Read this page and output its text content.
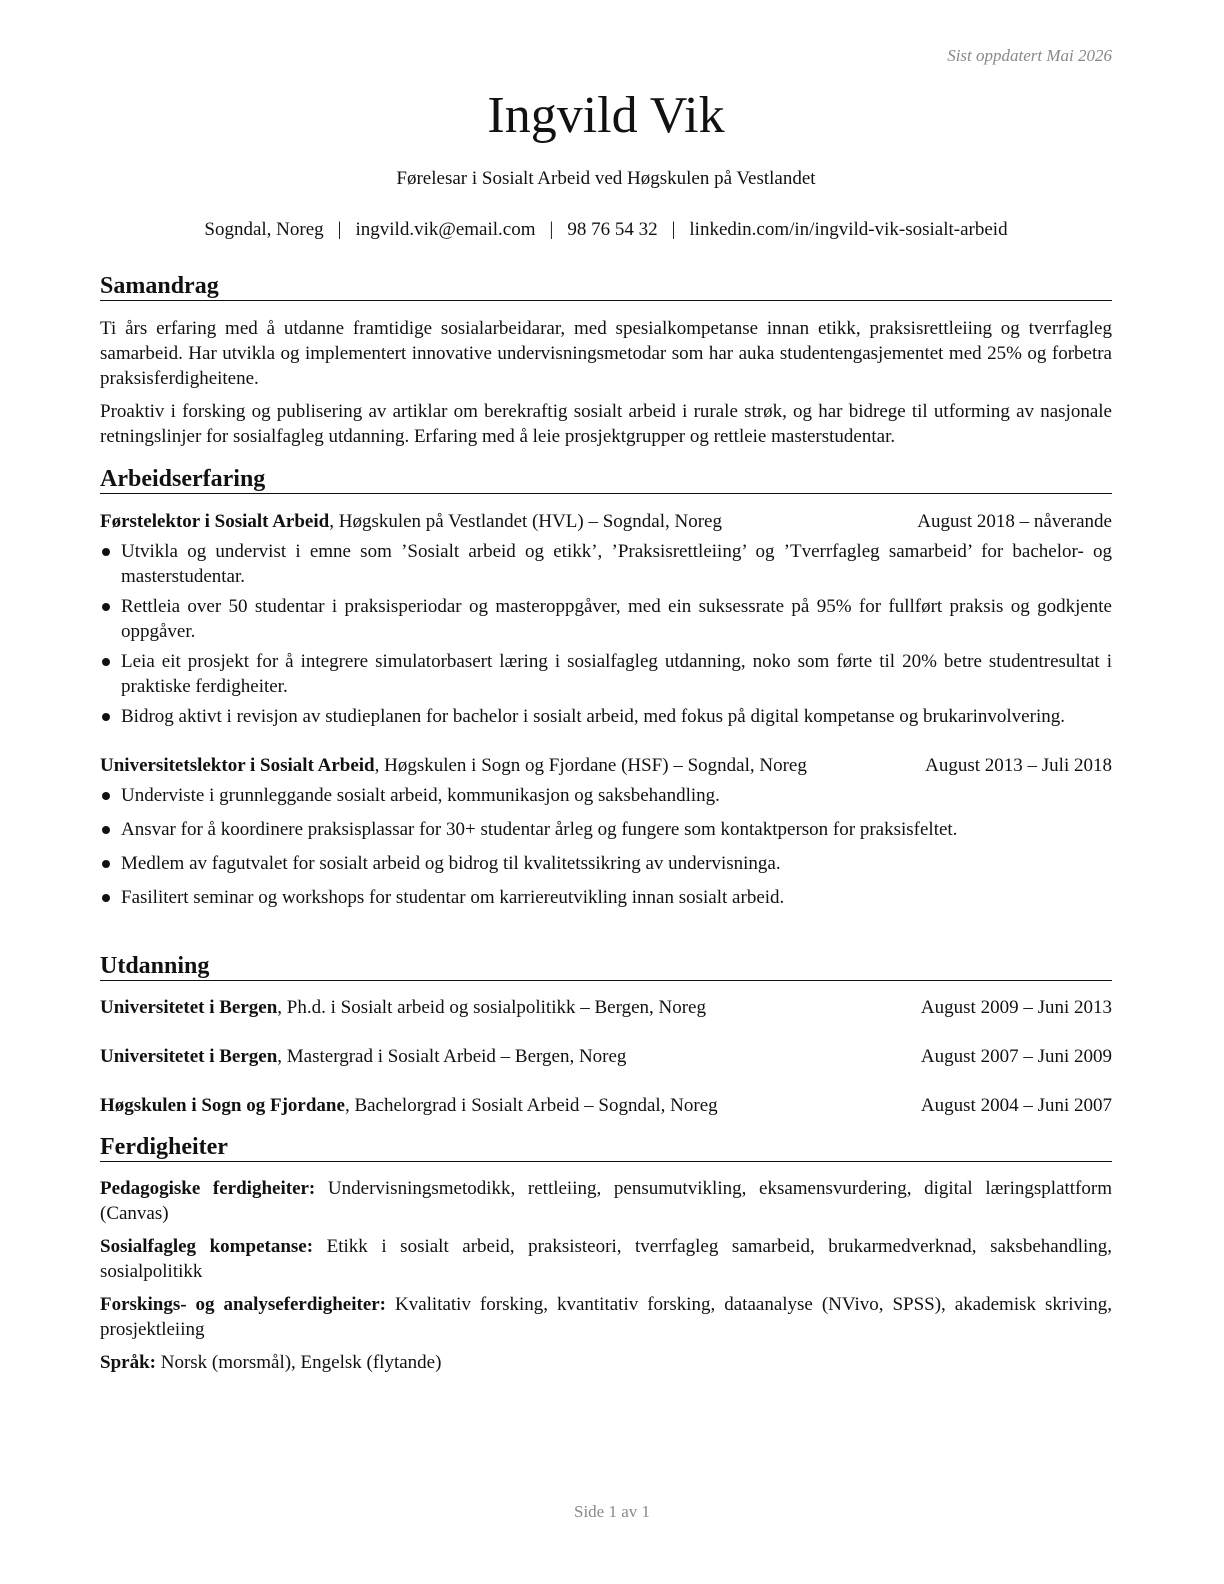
Sist oppdatert Mai 2026
Ingvild Vik
Førelesar i Sosialt Arbeid ved Høgskulen på Vestlandet
Sogndal, Noreg | ingvild.vik@email.com | 98 76 54 32 | linkedin.com/in/ingvild-vik-sosialt-arbeid
Samandrag

Ti års erfaring med å utdanne framtidige sosialarbeidarar, med spesialkompetanse innan etikk, praksisrettleiing og tverrfagleg samarbeid. Har utvikla og implementert innovative undervisningsmetodar som har auka studentengasjementet med 25% og forbetra praksisferdigheitene.

Proaktiv i forsking og publisering av artiklar om berekraftig sosialt arbeid i rurale strøk, og har bidrege til utforming av nasjonale retningslinjer for sosialfagleg utdanning. Erfaring med å leie prosjektgrupper og rettleie masterstudentar.

Arbeidserfaring
Førstelektor i Sosialt Arbeid, Høgskulen på Vestlandet (HVL) – Sogndal, Noreg	August 2018 – nåverande
Utvikla og undervist i emne som ’Sosialt arbeid og etikk’, ’Praksisrettleiing’ og ’Tverrfagleg samarbeid’ for bachelor- og masterstudentar.
Rettleia over 50 studentar i praksisperiodar og masteroppgåver, med ein suksessrate på 95% for fullført praksis og godkjente oppgåver.
Leia eit prosjekt for å integrere simulatorbasert læring i sosialfagleg utdanning, noko som førte til 20% betre studentresultat i praktiske ferdigheiter.
Bidrog aktivt i revisjon av studieplanen for bachelor i sosialt arbeid, med fokus på digital kompetanse og brukarinvolvering.
Universitetslektor i Sosialt Arbeid, Høgskulen i Sogn og Fjordane (HSF) – Sogndal, Noreg	August 2013 – Juli 2018
Underviste i grunnleggande sosialt arbeid, kommunikasjon og saksbehandling.
Ansvar for å koordinere praksisplassar for 30+ studentar årleg og fungere som kontaktperson for praksisfeltet.
Medlem av fagutvalet for sosialt arbeid og bidrog til kvalitetssikring av undervisninga.
Fasilitert seminar og workshops for studentar om karriereutvikling innan sosialt arbeid.
Utdanning
Universitetet i Bergen, Ph.d. i Sosialt arbeid og sosialpolitikk – Bergen, Noreg	August 2009 – Juni 2013
Universitetet i Bergen, Mastergrad i Sosialt Arbeid – Bergen, Noreg	August 2007 – Juni 2009
Høgskulen i Sogn og Fjordane, Bachelorgrad i Sosialt Arbeid – Sogndal, Noreg	August 2004 – Juni 2007
Ferdigheiter

Pedagogiske ferdigheiter: Undervisningsmetodikk, rettleiing, pensumutvikling, eksamensvurdering, digital læringsplattform (Canvas)

Sosialfagleg kompetanse: Etikk i sosialt arbeid, praksisteori, tverrfagleg samarbeid, brukarmedverknad, saksbehandling, sosialpolitikk

Forskings- og analyseferdigheiter: Kvalitativ forsking, kvantitativ forsking, dataanalyse (NVivo, SPSS), akademisk skriving, prosjektleiing

Språk: Norsk (morsmål), Engelsk (flytande)

Side 1 av 1
